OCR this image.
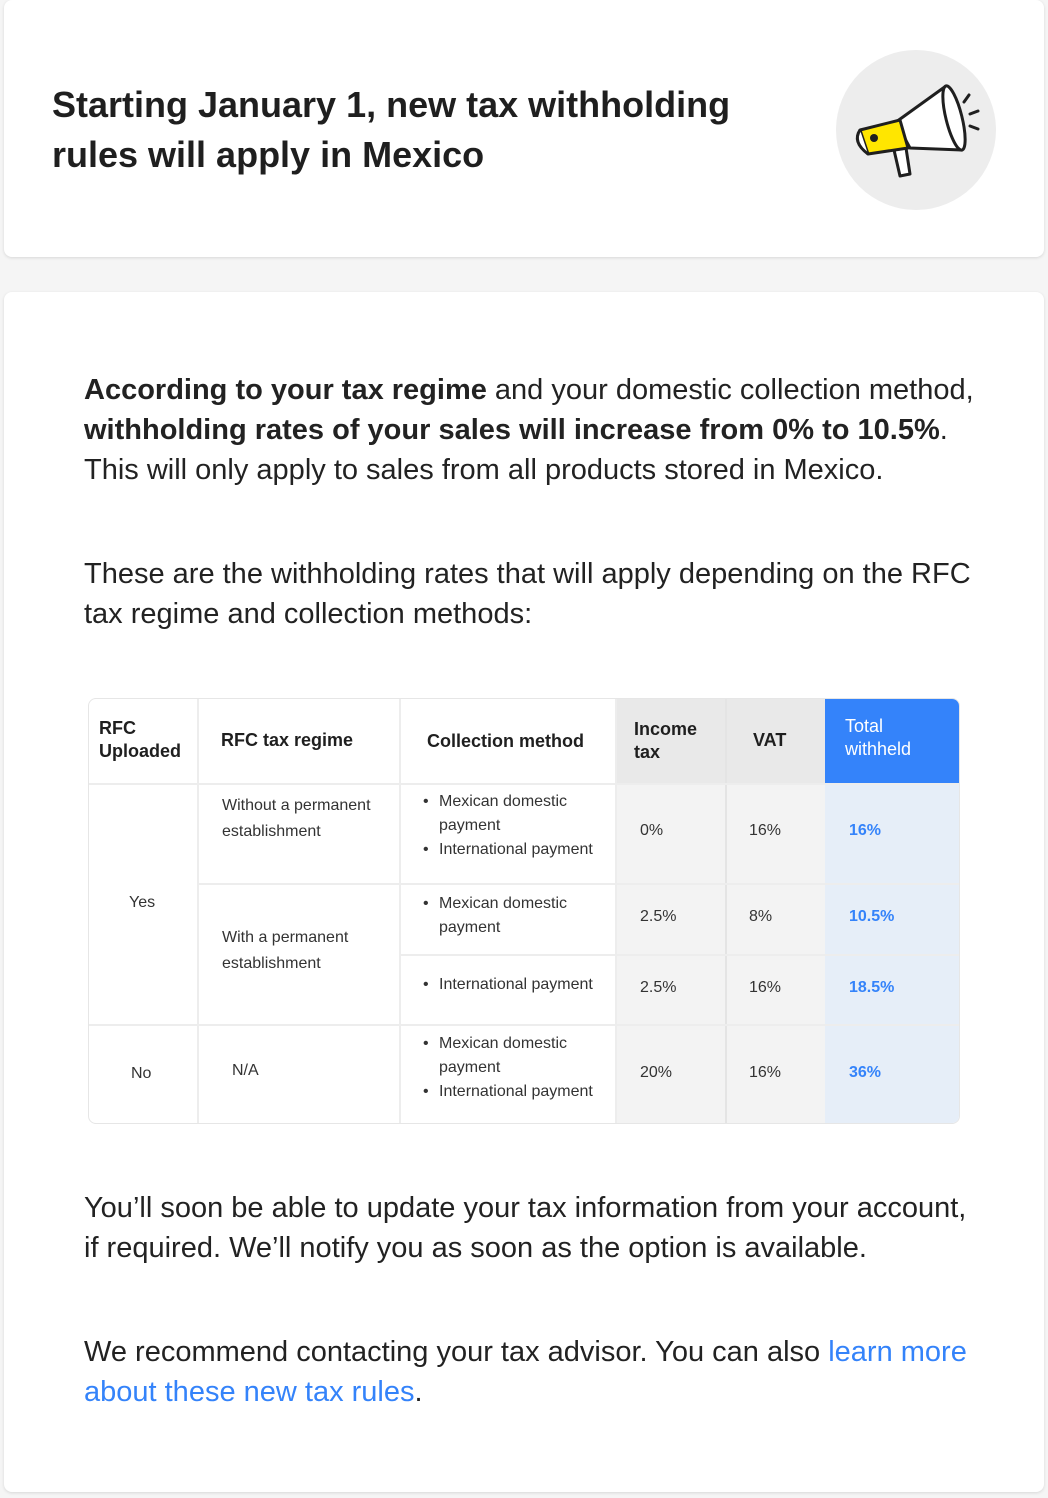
Starting January 1, new tax withholding rules will apply in Mexico

According to your tax regime and your domestic collection method, withholding rates of your sales will increase from 0% to 10.5%. This will only apply to sales from all products stored in Mexico.

These are the withholding rates that will apply depending on the RFC tax regime and collection methods:

RFC Uploaded
RFC tax regime	Collection method
Income tax
VAT
Total withheld
Yes
No
Without a permanent establishment
With a permanent establishment
N/A
• Mexican domestic payment
• International payment
• Mexican domestic payment
• International payment
• Mexican domestic payment
• International payment
0%
2.5%
2.5%
20%
16%
8%
16%
16%
16%
10.5%
18.5%
36%

You’ll soon be able to update your tax information from your account, if required. We’ll notify you as soon as the option is available.

We recommend contacting your tax advisor. You can also learn more about these new tax rules.
